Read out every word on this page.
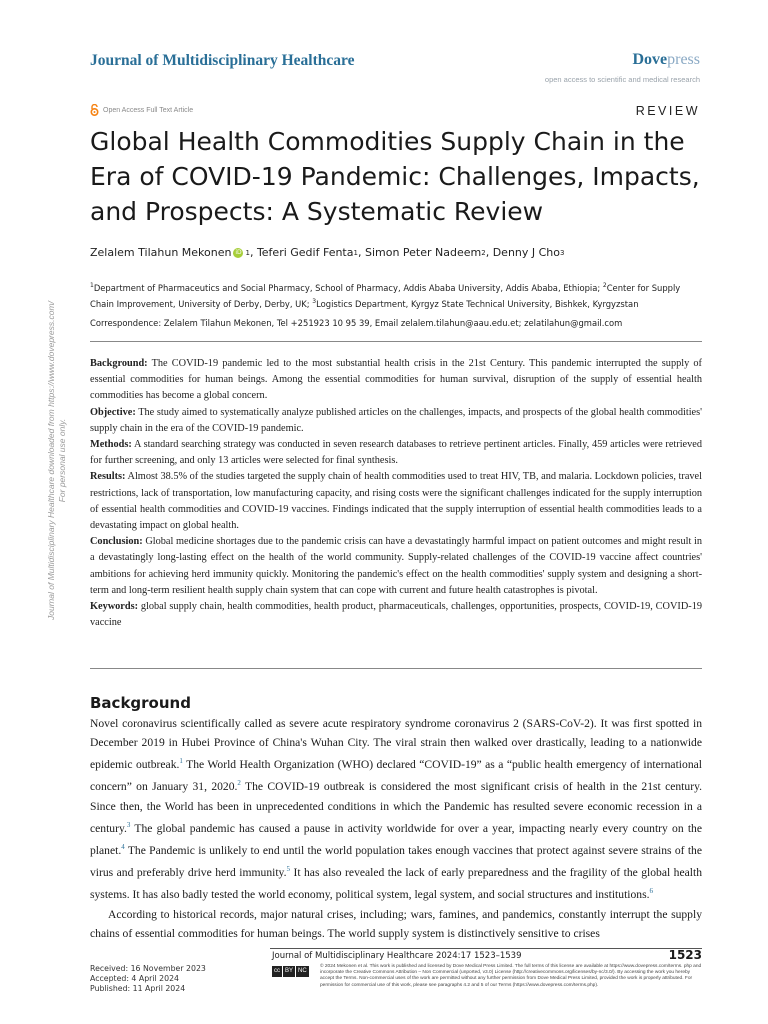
Journal of Multidisciplinary Healthcare downloaded from https://www.dovepress.com/ For personal use only.
Journal of Multidisciplinary Healthcare	Dovepress
open access to scientific and medical research
Open Access Full Text Article	REVIEW
Global Health Commodities Supply Chain in the Era of COVID-19 Pandemic: Challenges, Impacts, and Prospects: A Systematic Review
Zelalem Tilahun Mekonen iD 1 , Teferi Gedif Fenta 1 , Simon Peter Nadeem 2 , Denny J Cho 3
$^1$Department of Pharmaceutics and Social Pharmacy, School of Pharmacy, Addis Ababa University, Addis Ababa, Ethiopia; $^2$Center for Supply Chain Improvement, University of Derby, Derby, UK; $^3$Logistics Department, Kyrgyz State Technical University, Bishkek, Kyrgyzstan
Correspondence: Zelalem Tilahun Mekonen, Tel +251923 10 95 39, Email zelalem.tilahun@aau.edu.et; zelatilahun@gmail.com

Background: The COVID-19 pandemic led to the most substantial health crisis in the 21st Century. This pandemic interrupted the supply of essential commodities for human beings. Among the essential commodities for human survival, disruption of the supply of essential health commodities has become a global concern.

Objective: The study aimed to systematically analyze published articles on the challenges, impacts, and prospects of the global health commodities' supply chain in the era of the COVID-19 pandemic.

Methods: A standard searching strategy was conducted in seven research databases to retrieve pertinent articles. Finally, 459 articles were retrieved for further screening, and only 13 articles were selected for final synthesis.

Results: Almost 38.5% of the studies targeted the supply chain of health commodities used to treat HIV, TB, and malaria. Lockdown policies, travel restrictions, lack of transportation, low manufacturing capacity, and rising costs were the significant challenges indicated for the supply interruption of essential health commodities and COVID-19 vaccines. Findings indicated that the supply interruption of essential health commodities leads to a devastating impact on global health.

Conclusion: Global medicine shortages due to the pandemic crisis can have a devastatingly harmful impact on patient outcomes and might result in a devastatingly long-lasting effect on the health of the world community. Supply-related challenges of the COVID-19 vaccine affect countries' ambitions for achieving herd immunity quickly. Monitoring the pandemic's effect on the health commodities' supply system and designing a short-term and long-term resilient health supply chain system that can cope with current and future health catastrophes is pivotal.

Keywords: global supply chain, health commodities, health product, pharmaceuticals, challenges, opportunities, prospects, COVID-19, COVID-19 vaccine

Background

Novel coronavirus scientifically called as severe acute respiratory syndrome coronavirus 2 (SARS-CoV-2). It was first spotted in December 2019 in Hubei Province of China's Wuhan City. The viral strain then walked over drastically, leading to a nationwide epidemic outbreak.$^1$ The World Health Organization (WHO) declared “COVID-19” as a “public health emergency of international concern” on January 31, 2020.$^2$ The COVID-19 outbreak is considered the most significant crisis of health in the 21st century. Since then, the World has been in unprecedented conditions in which the Pandemic has resulted severe economic recession in a century.$^3$ The global pandemic has caused a pause in activity worldwide for over a year, impacting nearly every country on the planet.$^4$ The Pandemic is unlikely to end until the world population takes enough vaccines that protect against severe strains of the virus and preferably drive herd immunity.$^5$ It has also revealed the lack of early preparedness and the fragility of the global health systems. It has also badly tested the world economy, political system, legal system, and social structures and institutions.$^6$

According to historical records, major natural crises, including; wars, famines, and pandemics, constantly interrupt the supply chains of essential commodities for human beings. The world supply system is distinctively sensitive to crises

Journal of Multidisciplinary Healthcare 2024:17 1523–1539	1523
Received: 16 November 2023
Accepted: 4 April 2024
Published: 11 April 2024
cc BY NC
© 2024 Mekonen et al. This work is published and licensed by Dove Medical Press Limited. The full terms of this license are available at https://www.dovepress.com/terms. php and incorporate the Creative Commons Attribution – Non Commercial (unported, v3.0) License (http://creativecommons.org/licenses/by-nc/3.0/). By accessing the work you hereby accept the Terms. Non-commercial uses of the work are permitted without any further permission from Dove Medical Press Limited, provided the work is properly attributed. For permission for commercial use of this work, please see paragraphs 4.2 and 5 of our Terms (https://www.dovepress.com/terms.php).
